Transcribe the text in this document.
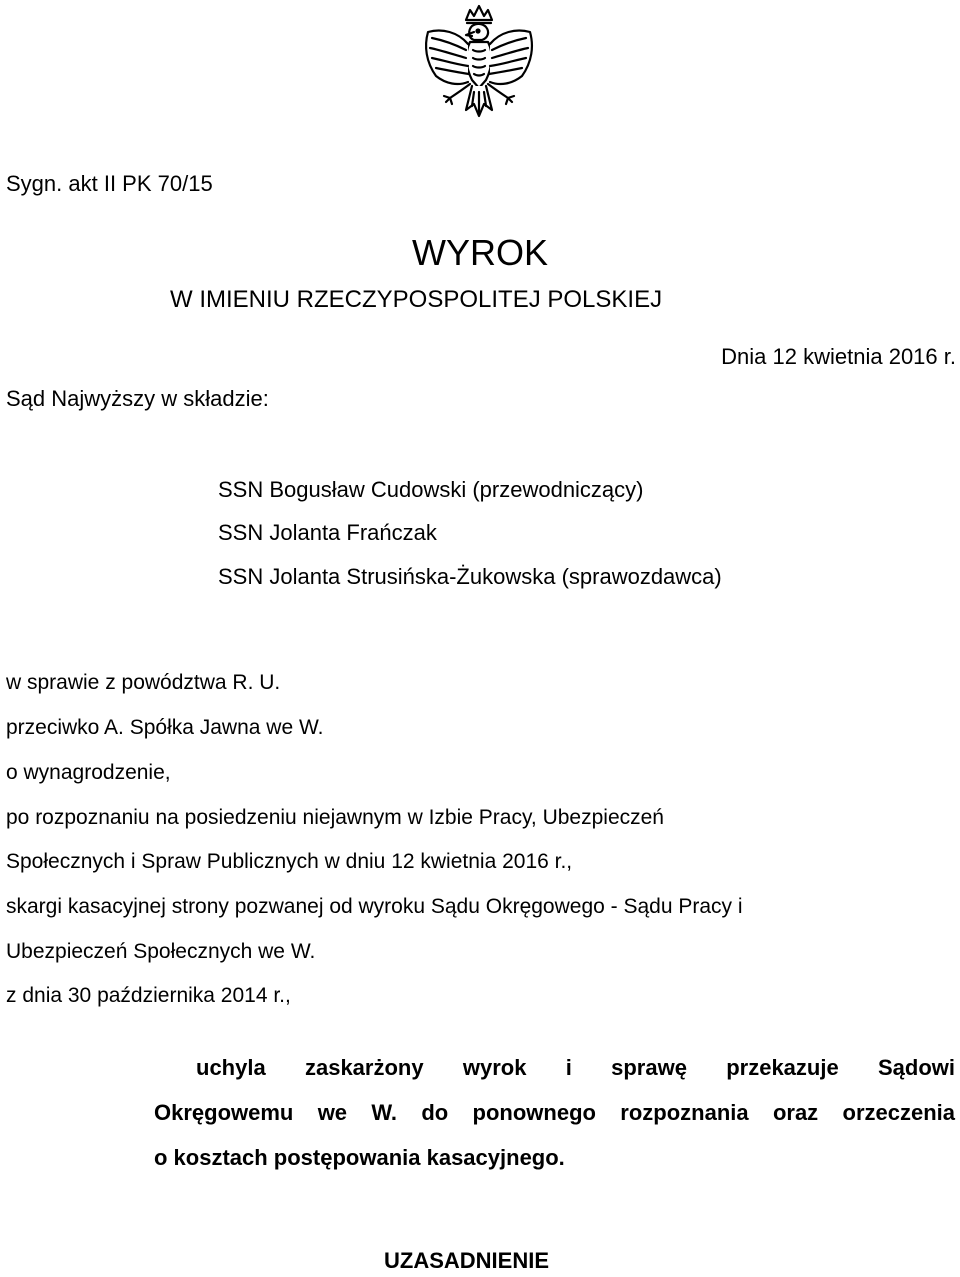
Sygn. akt II PK 70/15
WYROK
W IMIENIU RZECZYPOSPOLITEJ POLSKIEJ
Dnia 12 kwietnia 2016 r.
Sąd Najwyższy w składzie:
SSN Bogusław Cudowski (przewodniczący)
SSN Jolanta Frańczak
SSN Jolanta Strusińska-Żukowska (sprawozdawca)
w sprawie z powództwa R. U.
przeciwko A. Spółka Jawna we W.
o wynagrodzenie,
po rozpoznaniu na posiedzeniu niejawnym w Izbie Pracy, Ubezpieczeń
Społecznych i Spraw Publicznych w dniu 12 kwietnia 2016 r.,
skargi kasacyjnej strony pozwanej od wyroku Sądu Okręgowego - Sądu Pracy i
Ubezpieczeń Społecznych we W.
z dnia 30 października 2014 r.,
uchyla zaskarżony wyrok i sprawę przekazuje Sądowi
Okręgowemu we W. do ponownego rozpoznania oraz orzeczenia
o kosztach postępowania kasacyjnego.
UZASADNIENIE
